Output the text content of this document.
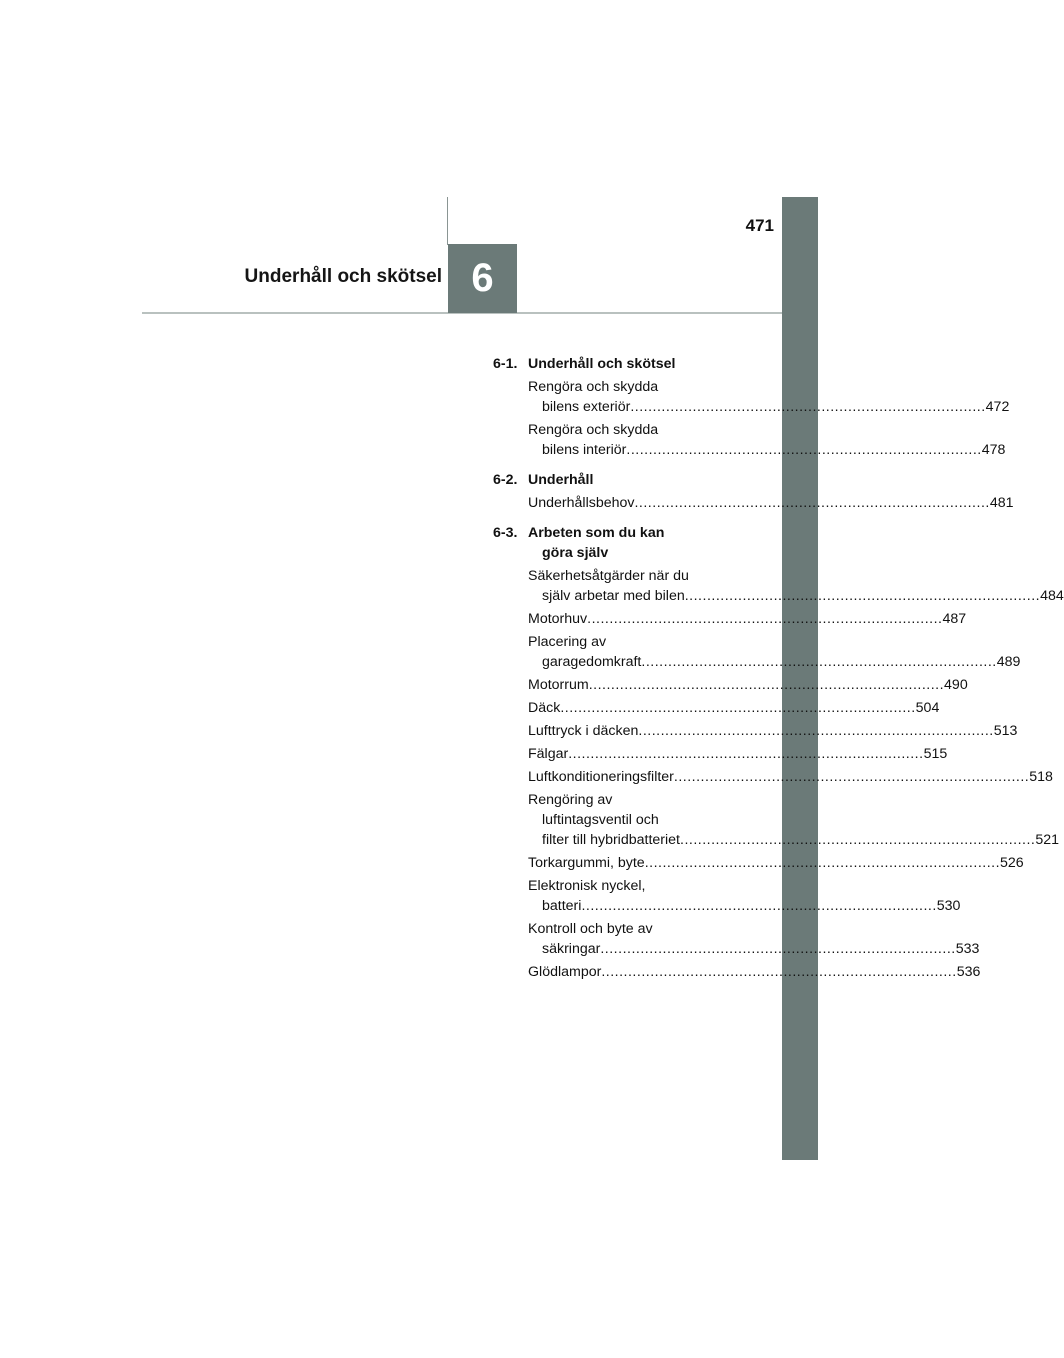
6
Underhåll och skötsel
471
6-1. Underhåll och skötsel
Rengöra och skydda
bilens exteriör .....	472
Rengöra och skydda
bilens interiör .....	478
6-2. Underhåll
Underhållsbehov .....	481
6-3. Arbeten som du kan
göra själv
Säkerhetsåtgärder när du
själv arbetar med bilen .....	484
Motorhuv .....	487
Placering av
garagedomkraft .....	489
Motorrum .....	490
Däck .....	504
Lufttryck i däcken .....	513
Fälgar .....	515
Luftkonditioneringsfilter .....	518
Rengöring av
luftintagsventil och
filter till hybridbatteriet .....	521
Torkargummi, byte .....	526
Elektronisk nyckel,
batteri .....	530
Kontroll och byte av
säkringar .....	533
Glödlampor .....	536
